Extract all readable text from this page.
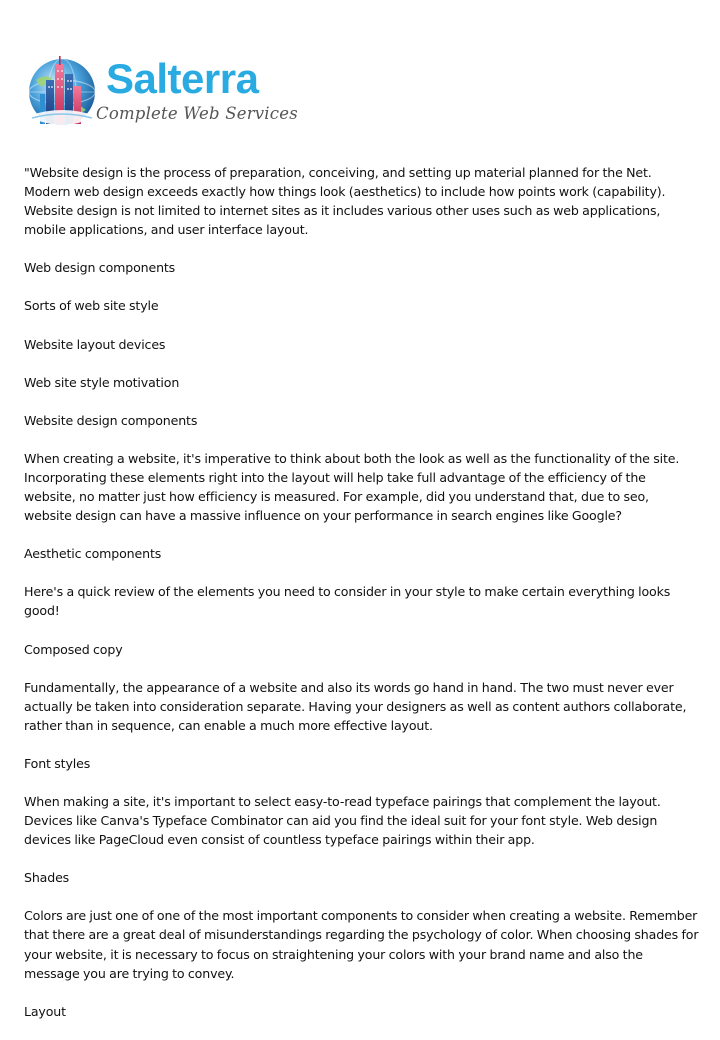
Salterra
Complete Web Services

"Website design is the process of preparation, conceiving, and setting up material planned for the Net. Modern web design exceeds exactly how things look (aesthetics) to include how points work (capability). Website design is not limited to internet sites as it includes various other uses such as web applications, mobile applications, and user interface layout.

Web design components

Sorts of web site style

Website layout devices

Web site style motivation

Website design components

When creating a website, it's imperative to think about both the look as well as the functionality of the site. Incorporating these elements right into the layout will help take full advantage of the efficiency of the website, no matter just how efficiency is measured. For example, did you understand that, due to seo, website design can have a massive influence on your performance in search engines like Google?

Aesthetic components

Here's a quick review of the elements you need to consider in your style to make certain everything looks good!

Composed copy

Fundamentally, the appearance of a website and also its words go hand in hand. The two must never ever actually be taken into consideration separate. Having your designers as well as content authors collaborate, rather than in sequence, can enable a much more effective layout.

Font styles

When making a site, it's important to select easy-to-read typeface pairings that complement the layout. Devices like Canva's Typeface Combinator can aid you find the ideal suit for your font style. Web design devices like PageCloud even consist of countless typeface pairings within their app.

Shades

Colors are just one of one of the most important components to consider when creating a website. Remember that there are a great deal of misunderstandings regarding the psychology of color. When choosing shades for your website, it is necessary to focus on straightening your colors with your brand name and also the message you are trying to convey.

Layout
